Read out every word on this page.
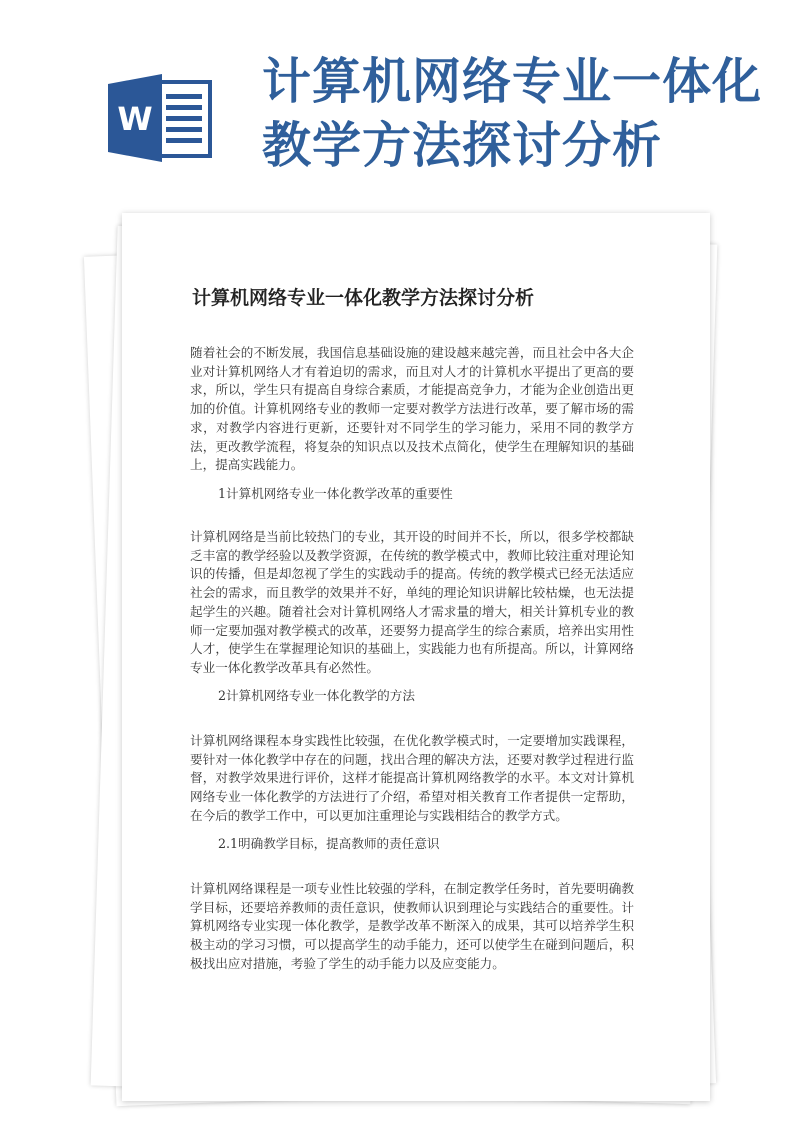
W
计算机网络专业一体化
教学方法探讨分析
计算机网络专业一体化教学方法探讨分析

随着社会的不断发展，我国信息基础设施的建设越来越完善，而且社会中各大企业对计算机网络人才有着迫切的需求，而且对人才的计算机水平提出了更高的要求，所以，学生只有提高自身综合素质，才能提高竞争力，才能为企业创造出更加的价值。计算机网络专业的教师一定要对教学方法进行改革，要了解市场的需求，对教学内容进行更新，还要针对不同学生的学习能力，采用不同的教学方法，更改教学流程，将复杂的知识点以及技术点简化，使学生在理解知识的基础上，提高实践能力。

1计算机网络专业一体化教学改革的重要性

计算机网络是当前比较热门的专业，其开设的时间并不长，所以，很多学校都缺乏丰富的教学经验以及教学资源，在传统的教学模式中，教师比较注重对理论知识的传播，但是却忽视了学生的实践动手的提高。传统的教学模式已经无法适应社会的需求，而且教学的效果并不好，单纯的理论知识讲解比较枯燥，也无法提起学生的兴趣。随着社会对计算机网络人才需求量的增大，相关计算机专业的教师一定要加强对教学模式的改革，还要努力提高学生的综合素质，培养出实用性人才，使学生在掌握理论知识的基础上，实践能力也有所提高。所以，计算网络专业一体化教学改革具有必然性。

2计算机网络专业一体化教学的方法

计算机网络课程本身实践性比较强，在优化教学模式时，一定要增加实践课程，要针对一体化教学中存在的问题，找出合理的解决方法，还要对教学过程进行监督，对教学效果进行评价，这样才能提高计算机网络教学的水平。本文对计算机网络专业一体化教学的方法进行了介绍，希望对相关教育工作者提供一定帮助，在今后的教学工作中，可以更加注重理论与实践相结合的教学方式。

2.1明确教学目标，提高教师的责任意识

计算机网络课程是一项专业性比较强的学科，在制定教学任务时，首先要明确教学目标，还要培养教师的责任意识，使教师认识到理论与实践结合的重要性。计算机网络专业实现一体化教学，是教学改革不断深入的成果，其可以培养学生积极主动的学习习惯，可以提高学生的动手能力，还可以使学生在碰到问题后，积极找出应对措施，考验了学生的动手能力以及应变能力。
